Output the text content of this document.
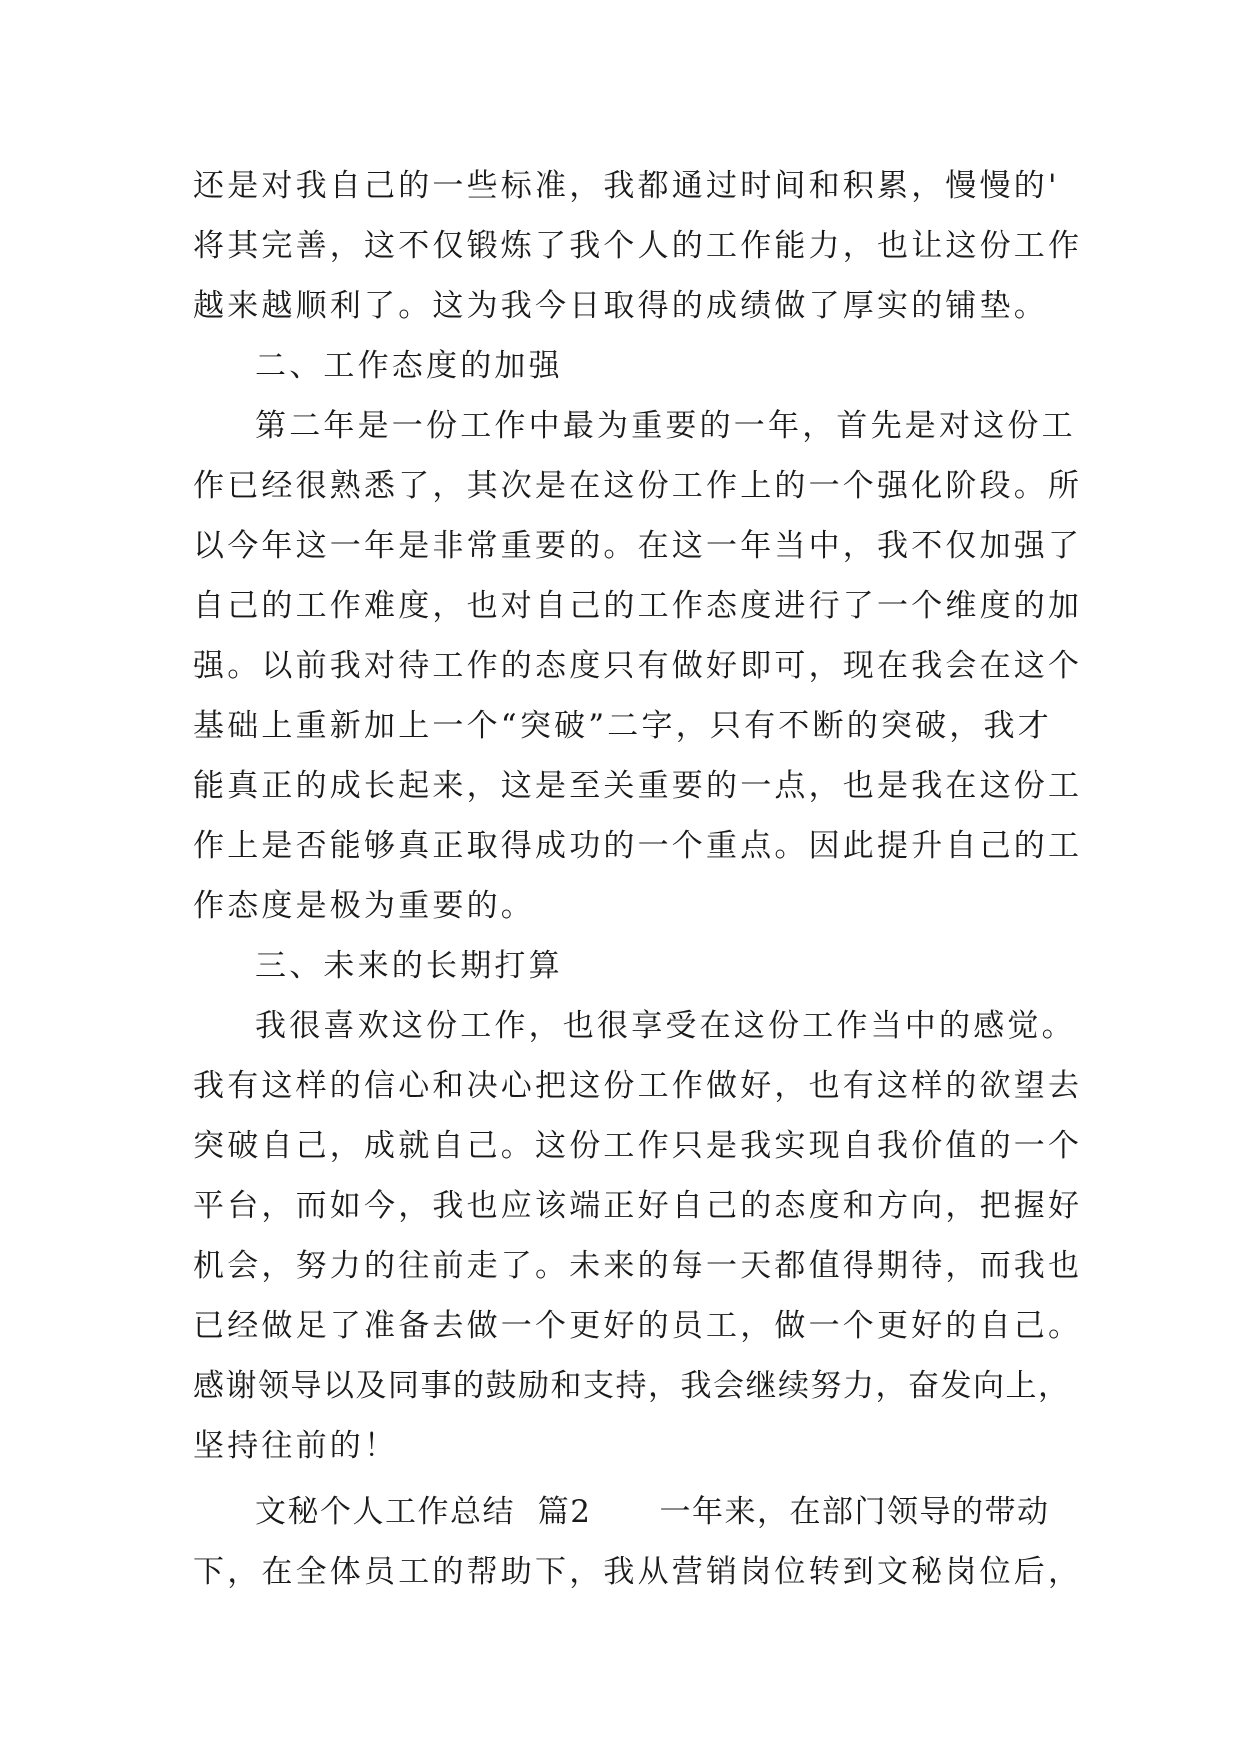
还是对我自己的一些标准，我都通过时间和积累，慢慢的'
将其完善，这不仅锻炼了我个人的工作能力，也让这份工作
越来越顺利了。这为我今日取得的成绩做了厚实的铺垫。
二、工作态度的加强
第二年是一份工作中最为重要的一年，首先是对这份工
作已经很熟悉了，其次是在这份工作上的一个强化阶段。所
以今年这一年是非常重要的。在这一年当中，我不仅加强了
自己的工作难度，也对自己的工作态度进行了一个维度的加
强。以前我对待工作的态度只有做好即可，现在我会在这个
基础上重新加上一个“突破”二字，只有不断的突破，我才
能真正的成长起来，这是至关重要的一点，也是我在这份工
作上是否能够真正取得成功的一个重点。因此提升自己的工
作态度是极为重要的。
三、未来的长期打算
我很喜欢这份工作，也很享受在这份工作当中的感觉。
我有这样的信心和决心把这份工作做好，也有这样的欲望去
突破自己，成就自己。这份工作只是我实现自我价值的一个
平台，而如今，我也应该端正好自己的态度和方向，把握好
机会，努力的往前走了。未来的每一天都值得期待，而我也
已经做足了准备去做一个更好的员工，做一个更好的自己。
感谢领导以及同事的鼓励和支持，我会继续努力，奋发向上，
坚持往前的！
文秘个人工作总结  篇2      一年来，在部门领导的带动
下，在全体员工的帮助下，我从营销岗位转到文秘岗位后，
